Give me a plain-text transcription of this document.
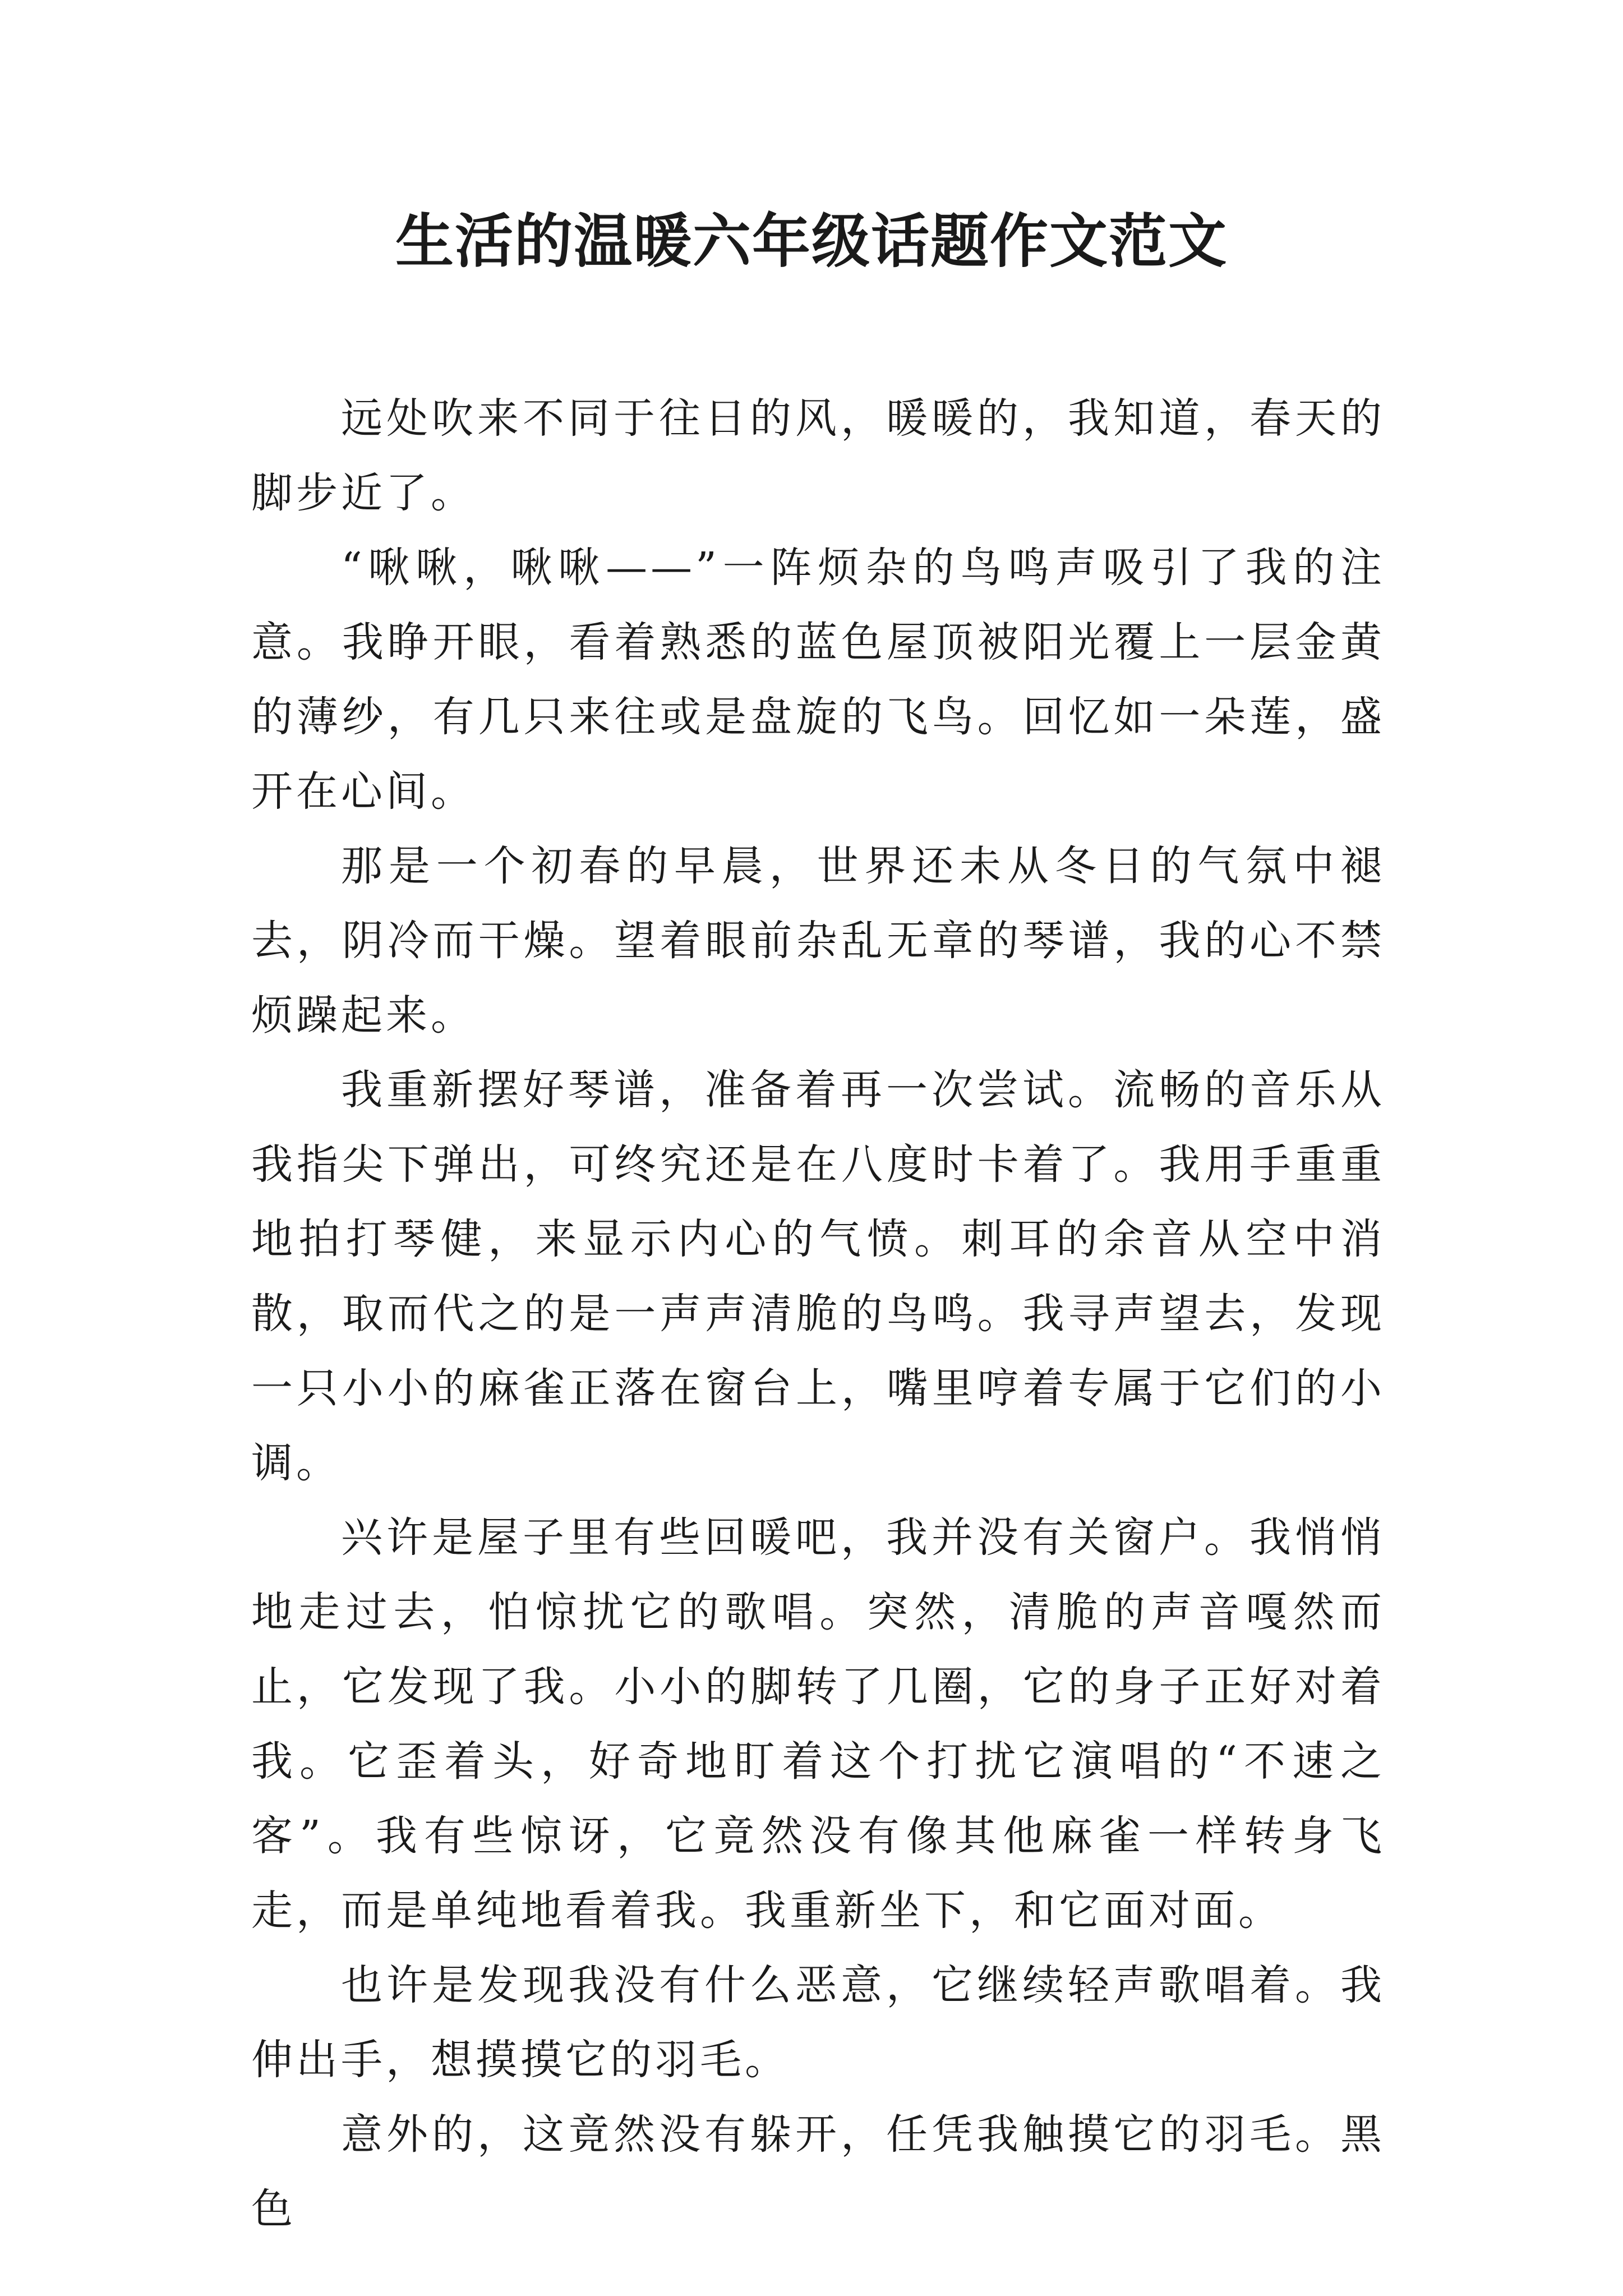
生活的温暖六年级话题作文范文

远处吹来不同于往日的风，暖暖的，我知道，春天的脚步近了。

“啾啾，啾啾——”一阵烦杂的鸟鸣声吸引了我的注意。我睁开眼，看着熟悉的蓝色屋顶被阳光覆上一层金黄的薄纱，有几只来往或是盘旋的飞鸟。回忆如一朵莲，盛开在心间。

那是一个初春的早晨，世界还未从冬日的气氛中褪去，阴冷而干燥。望着眼前杂乱无章的琴谱，我的心不禁烦躁起来。

我重新摆好琴谱，准备着再一次尝试。流畅的音乐从我指尖下弹出，可终究还是在八度时卡着了。我用手重重地拍打琴健，来显示内心的气愤。刺耳的余音从空中消散，取而代之的是一声声清脆的鸟鸣。我寻声望去，发现一只小小的麻雀正落在窗台上，嘴里哼着专属于它们的小调。

兴许是屋子里有些回暖吧，我并没有关窗户。我悄悄地走过去，怕惊扰它的歌唱。突然，清脆的声音嘎然而止，它发现了我。小小的脚转了几圈，它的身子正好对着我。它歪着头，好奇地盯着这个打扰它演唱的“不速之客”。我有些惊讶，它竟然没有像其他麻雀一样转身飞走，而是单纯地看着我。我重新坐下，和它面对面。

也许是发现我没有什么恶意，它继续轻声歌唱着。我伸出手，想摸摸它的羽毛。

意外的，这竟然没有躲开，任凭我触摸它的羽毛。黑色
